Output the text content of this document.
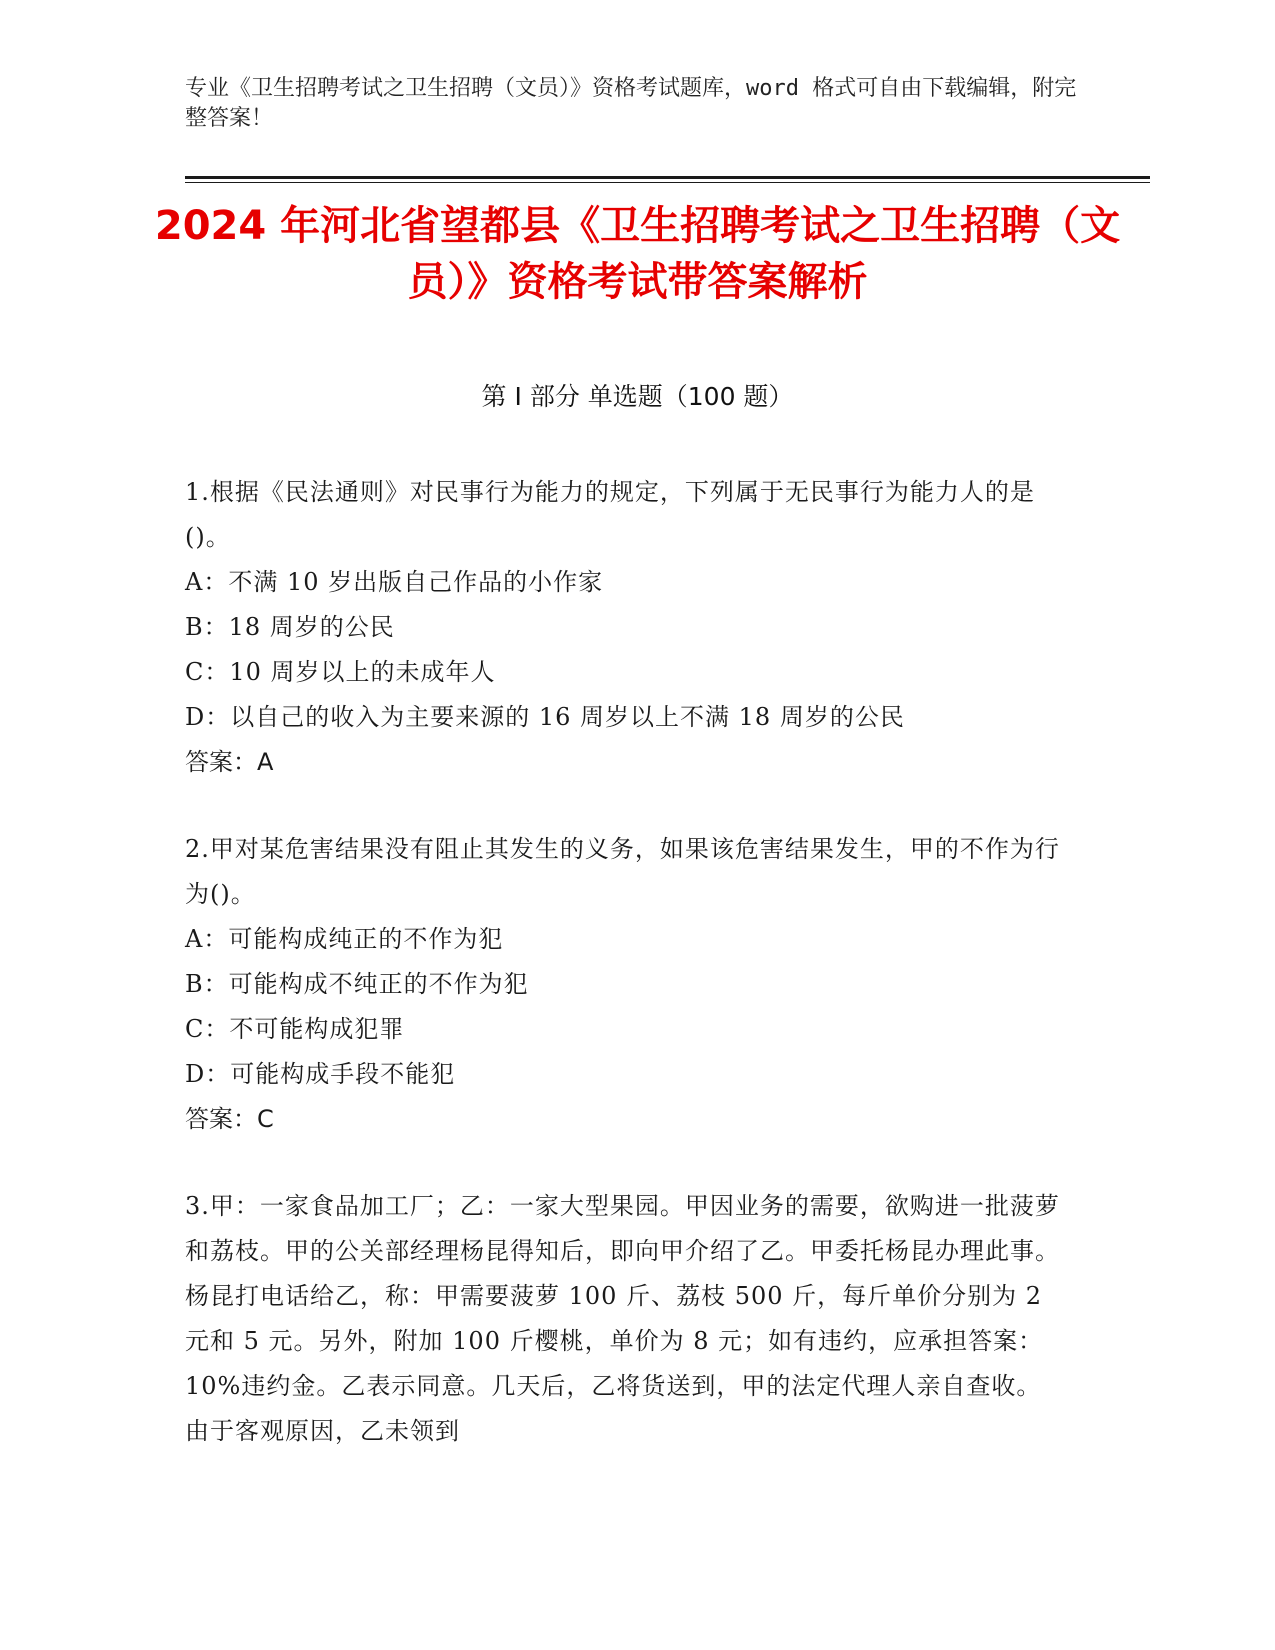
专业《卫生招聘考试之卫生招聘（文员）》资格考试题库，word 格式可自由下载编辑，附完整答案！
2024 年河北省望都县《卫生招聘考试之卫生招聘（文员）》资格考试带答案解析
第 I 部分 单选题（100 题）

1.根据《民法通则》对民事行为能力的规定，下列属于无民事行为能力人的是()。

A：不满 10 岁出版自己作品的小作家

B：18 周岁的公民

C：10 周岁以上的未成年人

D：以自己的收入为主要来源的 16 周岁以上不满 18 周岁的公民

答案：A

2.甲对某危害结果没有阻止其发生的义务，如果该危害结果发生，甲的不作为行为()。

A：可能构成纯正的不作为犯

B：可能构成不纯正的不作为犯

C：不可能构成犯罪

D：可能构成手段不能犯

答案：C

3.甲：一家食品加工厂；乙：一家大型果园。甲因业务的需要，欲购进一批菠萝和荔枝。甲的公关部经理杨昆得知后，即向甲介绍了乙。甲委托杨昆办理此事。杨昆打电话给乙，称：甲需要菠萝 100 斤、荔枝 500 斤，每斤单价分别为 2 元和 5 元。另外，附加 100 斤樱桃，单价为 8 元；如有违约，应承担答案：10%违约金。乙表示同意。几天后，乙将货送到，甲的法定代理人亲自查收。由于客观原因，乙未领到
